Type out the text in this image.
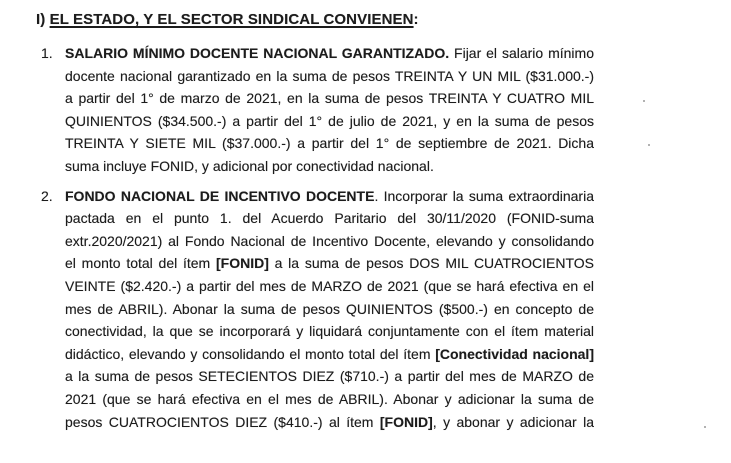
I) EL ESTADO, Y EL SECTOR SINDICAL CONVIENEN:
1. SALARIO MÍNIMO DOCENTE NACIONAL GARANTIZADO. Fijar el salario mínimo
docente nacional garantizado en la suma de pesos TREINTA Y UN MIL ($31.000.-)
a partir del 1° de marzo de 2021, en la suma de pesos TREINTA Y CUATRO MIL
QUINIENTOS ($34.500.-) a partir del 1° de julio de 2021, y en la suma de pesos
TREINTA Y SIETE MIL ($37.000.-) a partir del 1° de septiembre de 2021. Dicha
suma incluye FONID, y adicional por conectividad nacional.
2. FONDO NACIONAL DE INCENTIVO DOCENTE. Incorporar la suma extraordinaria
pactada en el punto 1. del Acuerdo Paritario del 30/11/2020 (FONID-suma
extr.2020/2021) al Fondo Nacional de Incentivo Docente, elevando y consolidando
el monto total del ítem [FONID] a la suma de pesos DOS MIL CUATROCIENTOS
VEINTE ($2.420.-) a partir del mes de MARZO de 2021 (que se hará efectiva en el
mes de ABRIL). Abonar la suma de pesos QUINIENTOS ($500.-) en concepto de
conectividad, la que se incorporará y liquidará conjuntamente con el ítem material
didáctico, elevando y consolidando el monto total del ítem [Conectividad nacional]
a la suma de pesos SETECIENTOS DIEZ ($710.-) a partir del mes de MARZO de
2021 (que se hará efectiva en el mes de ABRIL). Abonar y adicionar la suma de
pesos CUATROCIENTOS DIEZ ($410.-) al ítem [FONID], y abonar y adicionar la
